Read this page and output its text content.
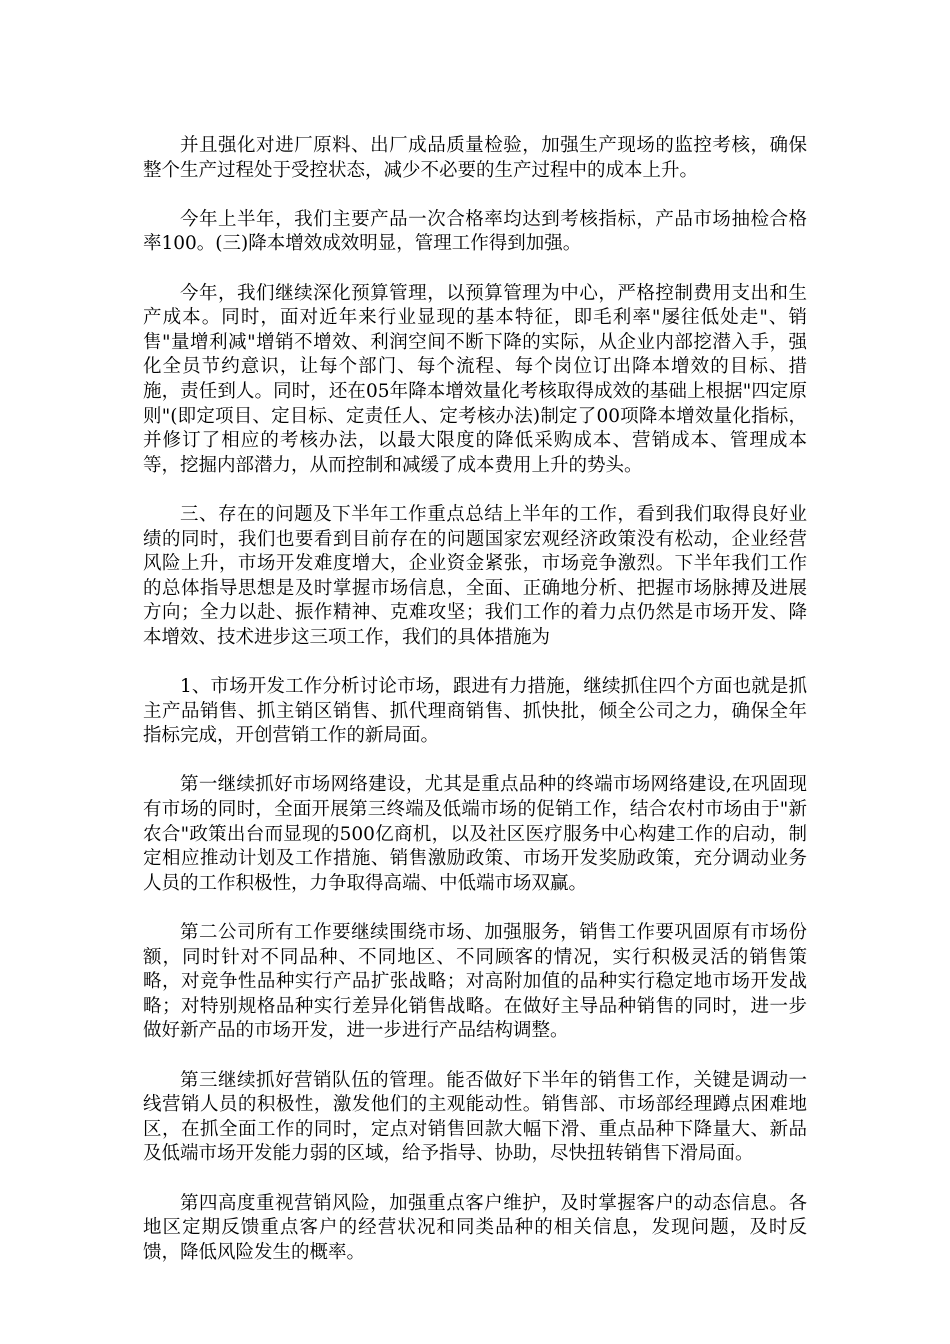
并且强化对进厂原料、出厂成品质量检验，加强生产现场的监控考核，确保整个生产过程处于受控状态，减少不必要的生产过程中的成本上升。

今年上半年，我们主要产品一次合格率均达到考核指标，产品市场抽检合格率100。(三)降本增效成效明显，管理工作得到加强。

今年，我们继续深化预算管理，以预算管理为中心，严格控制费用支出和生产成本。同时，面对近年来行业显现的基本特征，即毛利率"屡往低处走"、销售"量增利减"增销不增效、利润空间不断下降的实际，从企业内部挖潜入手，强化全员节约意识，让每个部门、每个流程、每个岗位订出降本增效的目标、措施，责任到人。同时，还在05年降本增效量化考核取得成效的基础上根据"四定原则"(即定项目、定目标、定责任人、定考核办法)制定了00项降本增效量化指标，并修订了相应的考核办法，以最大限度的降低采购成本、营销成本、管理成本等，挖掘内部潜力，从而控制和减缓了成本费用上升的势头。

三、存在的问题及下半年工作重点总结上半年的工作，看到我们取得良好业绩的同时，我们也要看到目前存在的问题国家宏观经济政策没有松动，企业经营风险上升，市场开发难度增大，企业资金紧张，市场竞争激烈。下半年我们工作的总体指导思想是及时掌握市场信息，全面、正确地分析、把握市场脉搏及进展方向；全力以赴、振作精神、克难攻坚；我们工作的着力点仍然是市场开发、降本增效、技术进步这三项工作，我们的具体措施为

1、市场开发工作分析讨论市场，跟进有力措施，继续抓住四个方面也就是抓主产品销售、抓主销区销售、抓代理商销售、抓快批，倾全公司之力，确保全年指标完成，开创营销工作的新局面。

第一继续抓好市场网络建设，尤其是重点品种的终端市场网络建设,在巩固现有市场的同时，全面开展第三终端及低端市场的促销工作，结合农村市场由于"新农合"政策出台而显现的500亿商机，以及社区医疗服务中心构建工作的启动，制定相应推动计划及工作措施、销售激励政策、市场开发奖励政策，充分调动业务人员的工作积极性，力争取得高端、中低端市场双赢。

第二公司所有工作要继续围绕市场、加强服务，销售工作要巩固原有市场份额，同时针对不同品种、不同地区、不同顾客的情况，实行积极灵活的销售策略，对竞争性品种实行产品扩张战略；对高附加值的品种实行稳定地市场开发战略；对特别规格品种实行差异化销售战略。在做好主导品种销售的同时，进一步做好新产品的市场开发，进一步进行产品结构调整。

第三继续抓好营销队伍的管理。能否做好下半年的销售工作，关键是调动一线营销人员的积极性，激发他们的主观能动性。销售部、市场部经理蹲点困难地区，在抓全面工作的同时，定点对销售回款大幅下滑、重点品种下降量大、新品及低端市场开发能力弱的区域，给予指导、协助，尽快扭转销售下滑局面。

第四高度重视营销风险，加强重点客户维护，及时掌握客户的动态信息。各地区定期反馈重点客户的经营状况和同类品种的相关信息，发现问题，及时反馈，降低风险发生的概率。
